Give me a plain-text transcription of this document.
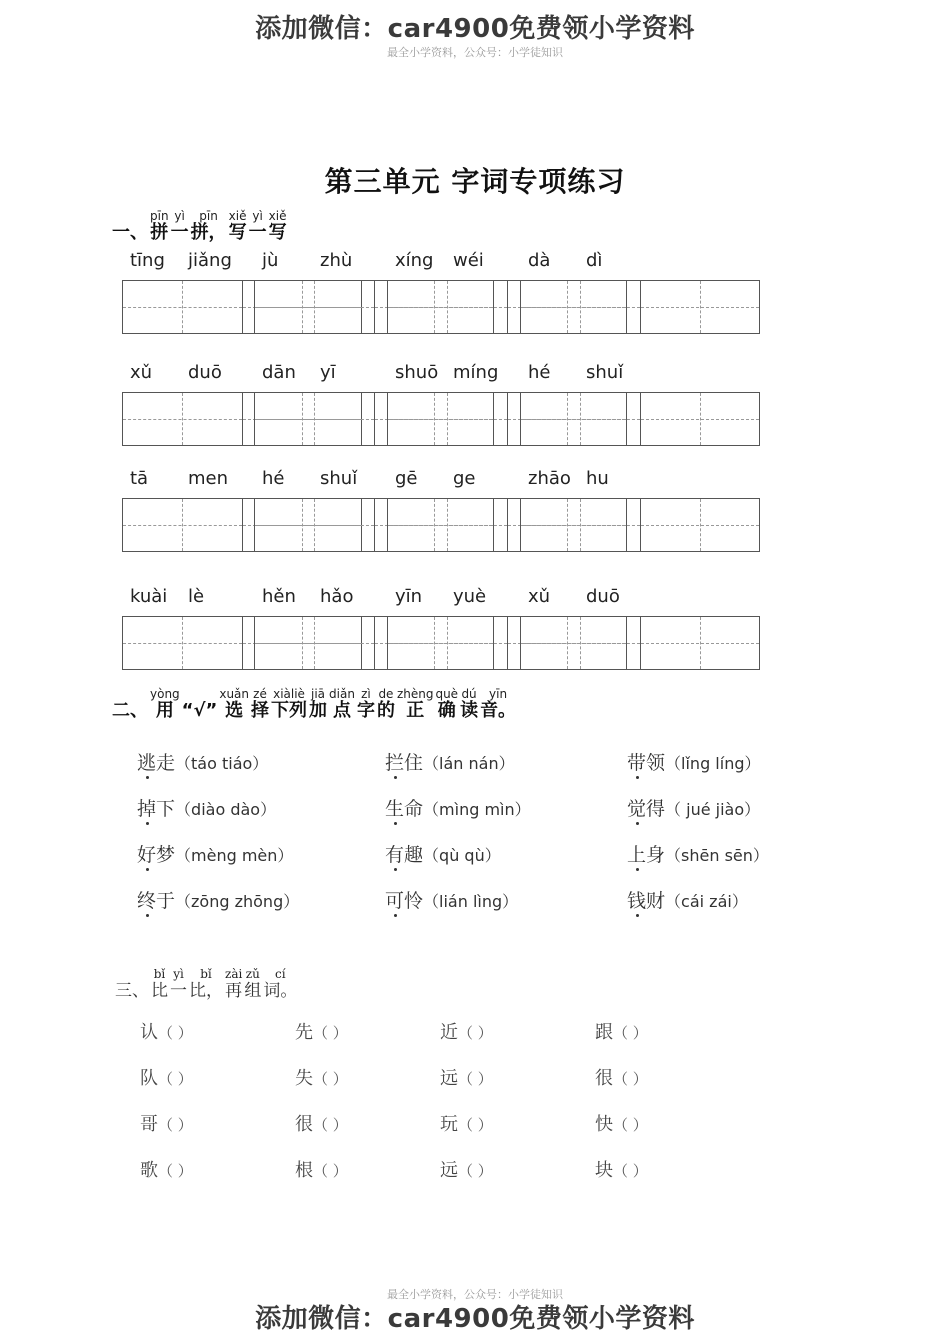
添加微信：car4900免费领小学资料
最全小学资料，公众号：小学徒知识
第三单元 字词专项练习

一、
pīn
拼
yì
一
pīn
拼，
xiě
写
yì
一
xiě
写
tīng jiǎng jù zhù xíng wéi dà dì
xǔ duō dān yī	shuō míng hé shuǐ
tā men hé shuǐ gē ge	zhāo hu
kuài lè	hěn hǎo yīn yuè xǔ duō

二、
yòng
用
“√”
xuǎn
选
zé
择
xiàliè
下列
jiā
加
diǎn
点
zì
字
de
的
zhèng
正
què
确
dú
读
yīn
音。
逃走（táo tiáo）	拦住（lán nán）	带领（lǐng líng）
掉下（diào dào）	生命（mìng mìn）	觉得（ jué jiào）
好梦（mèng mèn）	有趣（qù qù）	上身（shēn sēn）
终于（zōng zhōng）	可怜（lián lìng）	钱财（cái zái）

三、
bǐ
比
yì
一
bǐ
比，
zài
再
zǔ
组
cí
词。
认（ ）	先（ ）	近（ ）	跟（ ）
队（ ）	失（ ）	远（ ）	很（ ）
哥（ ）	很（ ）	玩（ ）	快（ ）
歌（ ）	根（ ）	远（ ）	块（ ）
最全小学资料，公众号：小学徒知识
添加微信：car4900免费领小学资料
